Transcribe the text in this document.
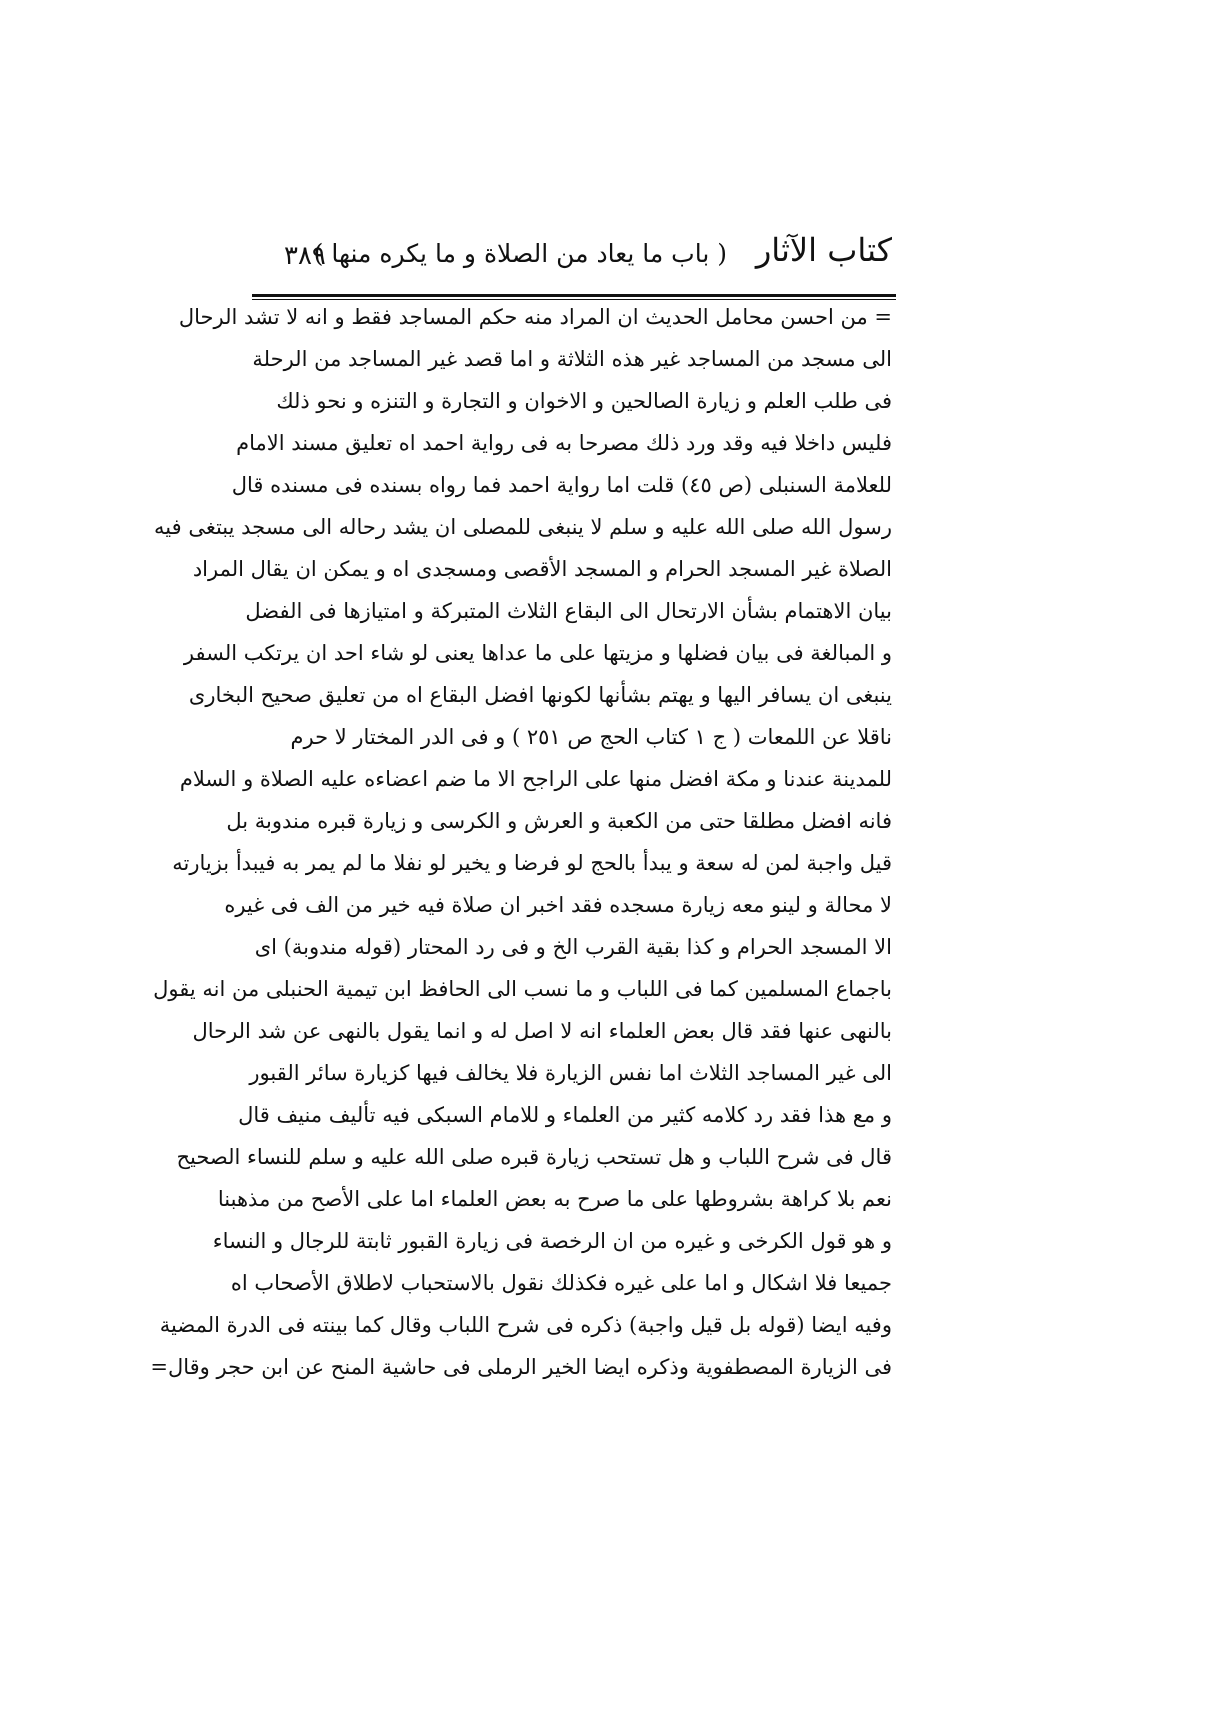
كتاب الآثار
( باب ما يعاد من الصلاة و ما يكره منها )
٣٨٩
= من احسن محامل الحديث ان المراد منه حكم المساجد فقط و انه لا تشد الرحال
الى مسجد من المساجد غير هذه الثلاثة و اما قصد غير المساجد من الرحلة
فى طلب العلم و زيارة الصالحين و الاخوان و التجارة و التنزه و نحو ذلك
فليس داخلا فيه وقد ورد ذلك مصرحا به فى رواية احمد اه تعليق مسند الامام
للعلامة السنبلى (ص ٤٥) قلت اما رواية احمد فما رواه بسنده فى مسنده قال
رسول الله صلى الله عليه و سلم لا ينبغى للمصلى ان يشد رحاله الى مسجد يبتغى فيه
الصلاة غير المسجد الحرام و المسجد الأقصى ومسجدى اه و يمكن ان يقال المراد
بيان الاهتمام بشأن الارتحال الى البقاع الثلاث المتبركة و امتيازها فى الفضل
و المبالغة فى بيان فضلها و مزيتها على ما عداها يعنى لو شاء احد ان يرتكب السفر
ينبغى ان يسافر اليها و يهتم بشأنها لكونها افضل البقاع اه من تعليق صحيح البخارى
ناقلا عن اللمعات ( ج ١ كتاب الحج ص ٢٥١ ) و فى الدر المختار لا حرم
للمدينة عندنا و مكة افضل منها على الراجح الا ما ضم اعضاءه عليه الصلاة و السلام
فانه افضل مطلقا حتى من الكعبة و العرش و الكرسى و زيارة قبره مندوبة بل
قيل واجبة لمن له سعة و يبدأ بالحج لو فرضا و يخير لو نفلا ما لم يمر به فيبدأ بزيارته
لا محالة و لينو معه زيارة مسجده فقد اخبر ان صلاة فيه خير من الف فى غيره
الا المسجد الحرام و كذا بقية القرب الخ و فى رد المحتار (قوله مندوبة) اى
باجماع المسلمين كما فى اللباب و ما نسب الى الحافظ ابن تيمية الحنبلى من انه يقول
بالنهى عنها فقد قال بعض العلماء انه لا اصل له و انما يقول بالنهى عن شد الرحال
الى غير المساجد الثلاث اما نفس الزيارة فلا يخالف فيها كزيارة سائر القبور
و مع هذا فقد رد كلامه كثير من العلماء و للامام السبكى فيه تأليف منيف قال
قال فى شرح اللباب و هل تستحب زيارة قبره صلى الله عليه و سلم للنساء الصحيح
نعم بلا كراهة بشروطها على ما صرح به بعض العلماء اما على الأصح من مذهبنا
و هو قول الكرخى و غيره من ان الرخصة فى زيارة القبور ثابتة للرجال و النساء
جميعا فلا اشكال و اما على غيره فكذلك نقول بالاستحباب لاطلاق الأصحاب اه
وفيه ايضا (قوله بل قيل واجبة) ذكره فى شرح اللباب وقال كما بينته فى الدرة المضية
فى الزيارة المصطفوية وذكره ايضا الخير الرملى فى حاشية المنح عن ابن حجر وقال=
